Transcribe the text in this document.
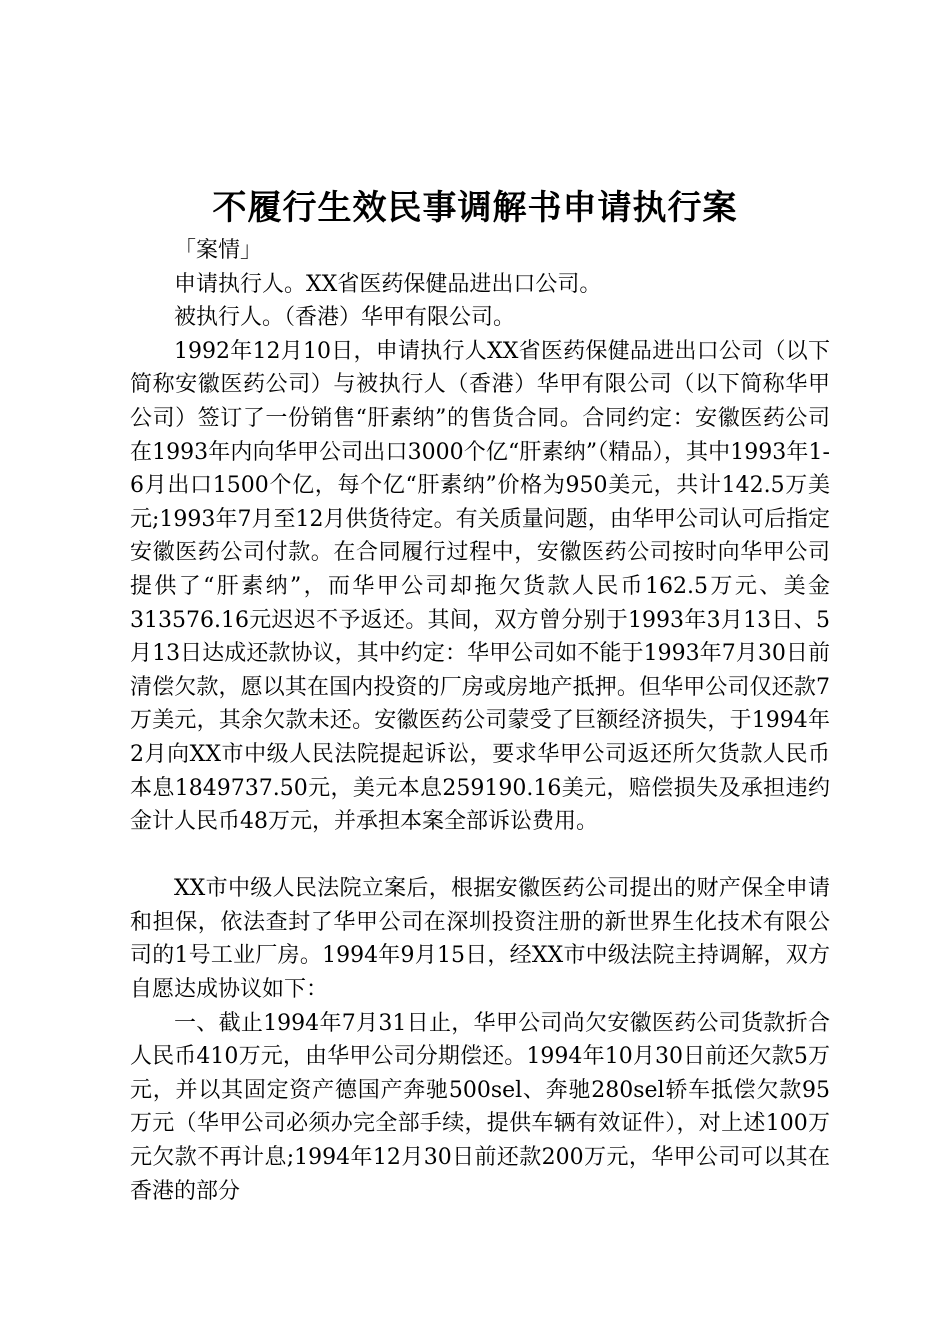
不履行生效民事调解书申请执行案

「案情」

申请执行人。XX省医药保健品进出口公司。

被执行人。（香港）华甲有限公司。

1992年12月10日，申请执行人XX省医药保健品进出口公司（以下简称安徽医药公司）与被执行人（香港）华甲有限公司（以下简称华甲公司）签订了一份销售“肝素纳”的售货合同。合同约定：安徽医药公司在1993年内向华甲公司出口3000个亿“肝素纳”（精品），其中1993年1-6月出口1500个亿，每个亿“肝素纳”价格为950美元，共计142.5万美元;1993年7月至12月供货待定。有关质量问题，由华甲公司认可后指定安徽医药公司付款。在合同履行过程中，安徽医药公司按时向华甲公司提供了“肝素纳”，而华甲公司却拖欠货款人民币162.5万元、美金313576.16元迟迟不予返还。其间，双方曾分别于1993年3月13日、5月13日达成还款协议，其中约定：华甲公司如不能于1993年7月30日前清偿欠款，愿以其在国内投资的厂房或房地产抵押。但华甲公司仅还款7万美元，其余欠款未还。安徽医药公司蒙受了巨额经济损失，于1994年2月向XX市中级人民法院提起诉讼，要求华甲公司返还所欠货款人民币本息1849737.50元，美元本息259190.16美元，赔偿损失及承担违约金计人民币48万元，并承担本案全部诉讼费用。

XX市中级人民法院立案后，根据安徽医药公司提出的财产保全申请和担保，依法查封了华甲公司在深圳投资注册的新世界生化技术有限公司的1号工业厂房。1994年9月15日，经XX市中级法院主持调解，双方自愿达成协议如下：

一、截止1994年7月31日止，华甲公司尚欠安徽医药公司货款折合人民币410万元，由华甲公司分期偿还。1994年10月30日前还欠款5万元，并以其固定资产德国产奔驰500sel、奔驰280sel轿车抵偿欠款95万元（华甲公司必须办完全部手续，提供车辆有效证件），对上述100万元欠款不再计息;1994年12月30日前还款200万元，华甲公司可以其在香港的部分
